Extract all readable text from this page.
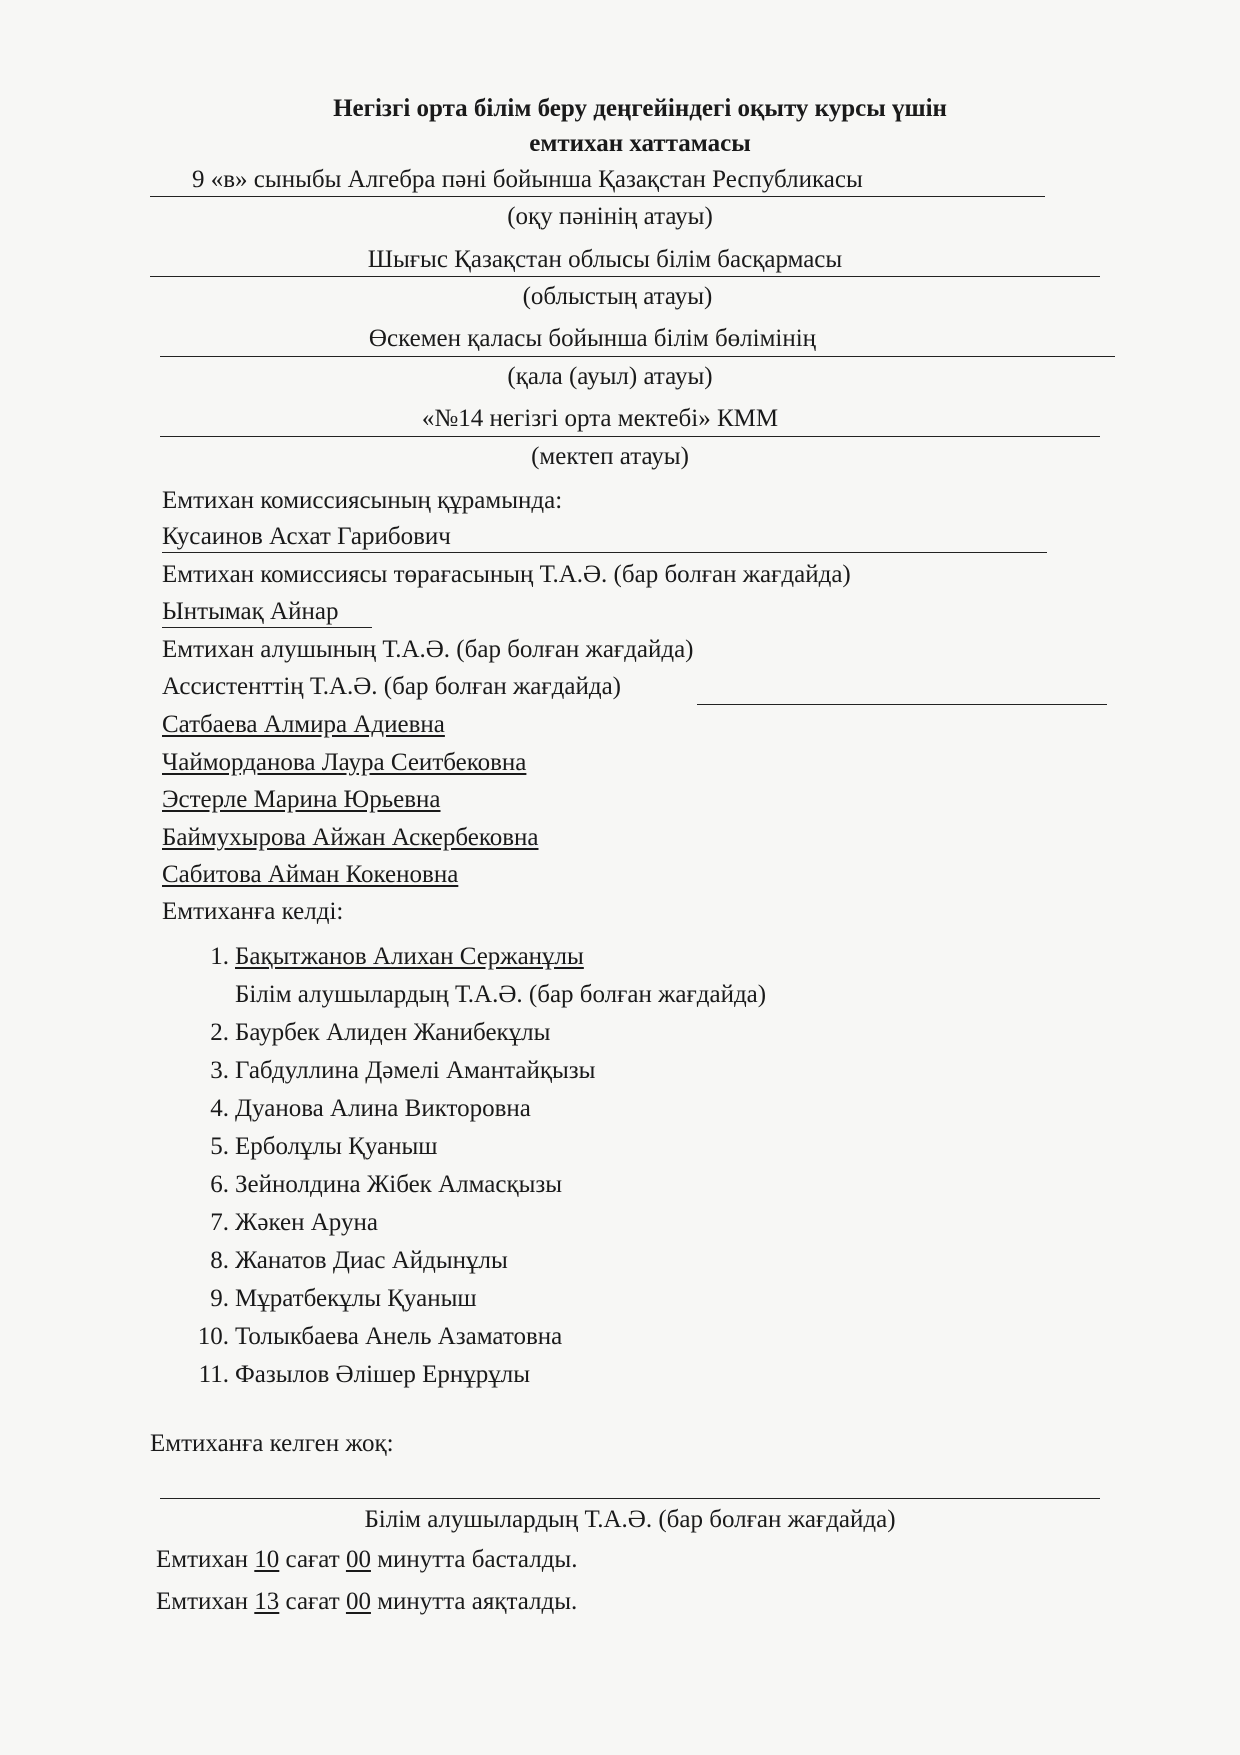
Негізгі орта білім беру деңгейіндегі оқыту курсы үшін
емтихан хаттамасы
9 «в» сыныбы Алгебра пәні бойынша Қазақстан Республикасы
(оқу пәнінің атауы)
Шығыс Қазақстан облысы білім басқармасы
(облыстың атауы)
Өскемен қаласы бойынша білім бөлімінің
(қала (ауыл) атауы)
«№14 негізгі орта мектебі» КММ
(мектеп атауы)
Емтихан комиссиясының құрамында:
Кусаинов Асхат Гарибович
Емтихан комиссиясы төрағасының Т.А.Ә. (бар болған жағдайда)
Ынтымақ Айнар
Емтихан алушының Т.А.Ә. (бар болған жағдайда)
Ассистенттің Т.А.Ә. (бар болған жағдайда)
Сатбаева Алмира Адиевна
Чайморданова Лаура Сеитбековна
Эстерле Марина Юрьевна
Баймухырова Айжан Аскербековна
Сабитова Айман Кокеновна
Емтиханға келді:
1. Бақытжанов Алихан Сержанұлы
Білім алушылардың Т.А.Ә. (бар болған жағдайда)
2. Баурбек Алиден Жанибекұлы
3. Габдуллина Дәмелі Амантайқызы
4. Дуанова Алина Викторовна
5. Ерболұлы Қуаныш
6. Зейнолдина Жібек Алмасқызы
7. Жәкен Аруна
8. Жанатов Диас Айдынұлы
9. Мұратбекұлы Қуаныш
10. Толыкбаева Анель Азаматовна
11. Фазылов Әлішер Ернұрұлы
Емтиханға келген жоқ:
Білім алушылардың Т.А.Ә. (бар болған жағдайда)
Емтихан 10 сағат 00 минутта басталды.
Емтихан 13 сағат 00 минутта аяқталды.
